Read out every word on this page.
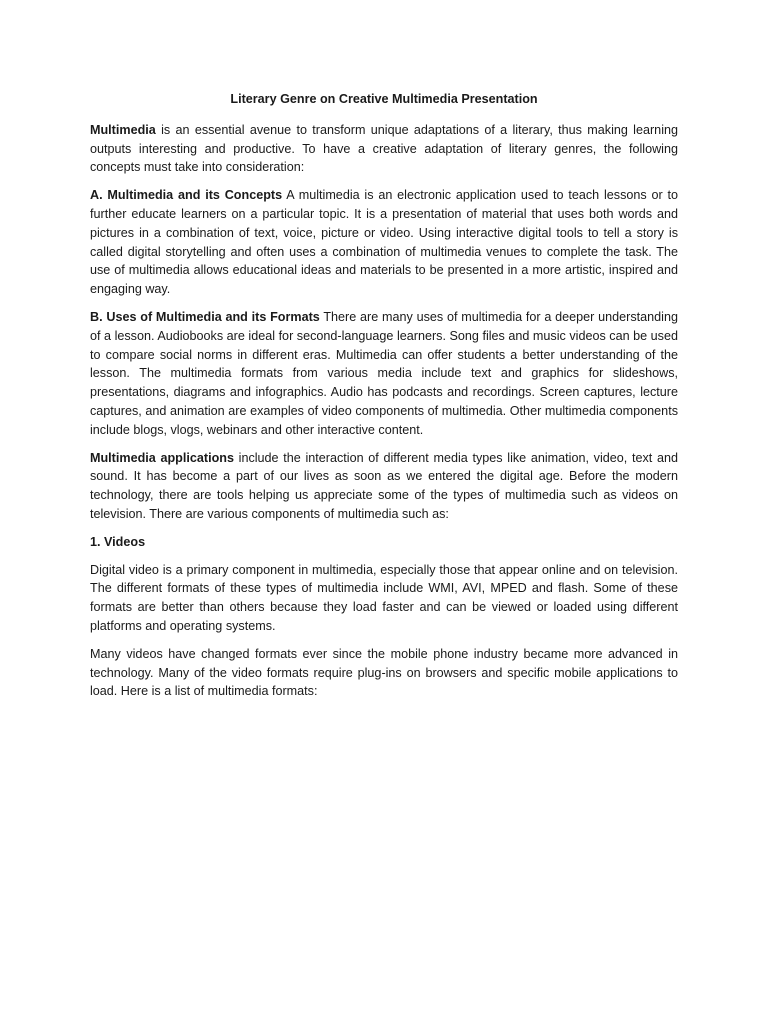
Literary Genre on Creative Multimedia Presentation

Multimedia is an essential avenue to transform unique adaptations of a literary, thus making learning outputs interesting and productive. To have a creative adaptation of literary genres, the following concepts must take into consideration:

A. Multimedia and its Concepts A multimedia is an electronic application used to teach lessons or to further educate learners on a particular topic. It is a presentation of material that uses both words and pictures in a combination of text, voice, picture or video. Using interactive digital tools to tell a story is called digital storytelling and often uses a combination of multimedia venues to complete the task. The use of multimedia allows educational ideas and materials to be presented in a more artistic, inspired and engaging way.

B. Uses of Multimedia and its Formats There are many uses of multimedia for a deeper understanding of a lesson. Audiobooks are ideal for second-language learners. Song files and music videos can be used to compare social norms in different eras. Multimedia can offer students a better understanding of the lesson. The multimedia formats from various media include text and graphics for slideshows, presentations, diagrams and infographics. Audio has podcasts and recordings. Screen captures, lecture captures, and animation are examples of video components of multimedia. Other multimedia components include blogs, vlogs, webinars and other interactive content.

Multimedia applications include the interaction of different media types like animation, video, text and sound. It has become a part of our lives as soon as we entered the digital age. Before the modern technology, there are tools helping us appreciate some of the types of multimedia such as videos on television. There are various components of multimedia such as:

1. Videos

Digital video is a primary component in multimedia, especially those that appear online and on television. The different formats of these types of multimedia include WMI, AVI, MPED and flash. Some of these formats are better than others because they load faster and can be viewed or loaded using different platforms and operating systems.

Many videos have changed formats ever since the mobile phone industry became more advanced in technology. Many of the video formats require plug-ins on browsers and specific mobile applications to load. Here is a list of multimedia formats:
